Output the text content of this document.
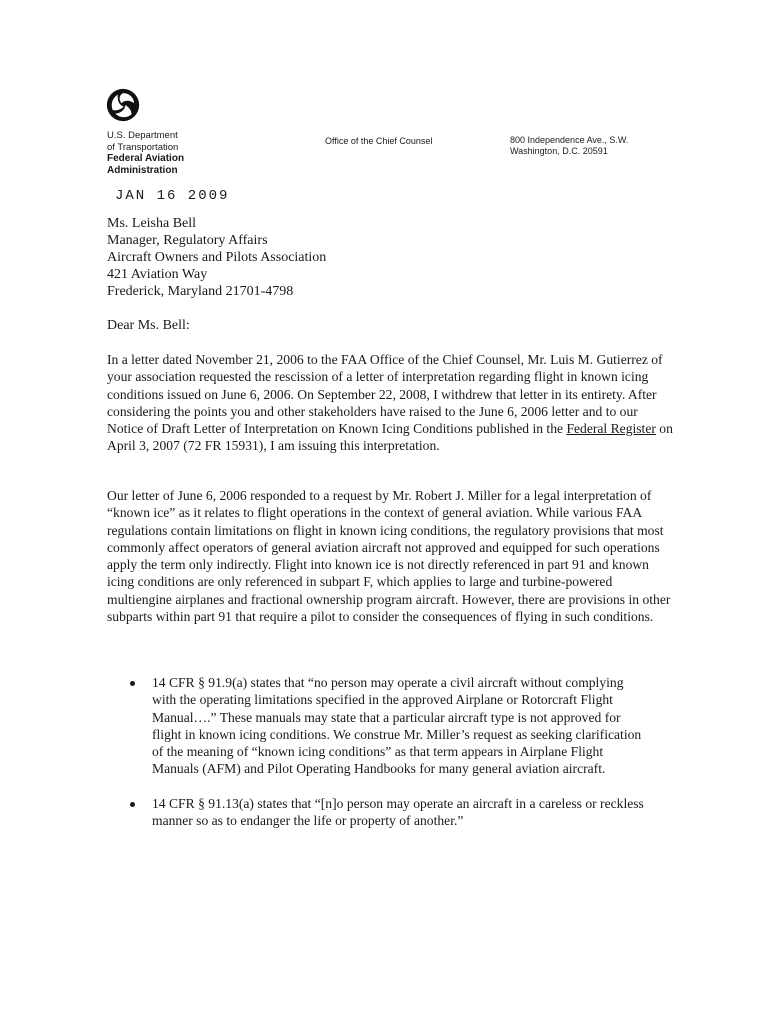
U.S. Department
of Transportation
Federal Aviation
Administration
Office of the Chief Counsel	800 Independence Ave., S.W.
Washington, D.C. 20591
JAN 16 2009
Ms. Leisha Bell
Manager, Regulatory Affairs
Aircraft Owners and Pilots Association
421 Aviation Way
Frederick, Maryland 21701-4798
Dear Ms. Bell:

In a letter dated November 21, 2006 to the FAA Office of the Chief Counsel, Mr. Luis M. Gutierrez of your association requested the rescission of a letter of interpretation regarding flight in known icing conditions issued on June 6, 2006. On September 22, 2008, I withdrew that letter in its entirety. After considering the points you and other stakeholders have raised to the June 6, 2006 letter and to our Notice of Draft Letter of Interpretation on Known Icing Conditions published in the Federal Register on April 3, 2007 (72 FR 15931), I am issuing this interpretation.

Our letter of June 6, 2006 responded to a request by Mr. Robert J. Miller for a legal interpretation of “known ice” as it relates to flight operations in the context of general aviation. While various FAA regulations contain limitations on flight in known icing conditions, the regulatory provisions that most commonly affect operators of general aviation aircraft not approved and equipped for such operations apply the term only indirectly. Flight into known ice is not directly referenced in part 91 and known icing conditions are only referenced in subpart F, which applies to large and turbine-powered multiengine airplanes and fractional ownership program aircraft. However, there are provisions in other subparts within part 91 that require a pilot to consider the consequences of flying in such conditions.

14 CFR § 91.9(a) states that “no person may operate a civil aircraft without complying with the operating limitations specified in the approved Airplane or Rotorcraft Flight Manual….” These manuals may state that a particular aircraft type is not approved for flight in known icing conditions. We construe Mr. Miller’s request as seeking clarification of the meaning of “known icing conditions” as that term appears in Airplane Flight Manuals (AFM) and Pilot Operating Handbooks for many general aviation aircraft.
14 CFR § 91.13(a) states that “[n]o person may operate an aircraft in a careless or reckless manner so as to endanger the life or property of another.”
